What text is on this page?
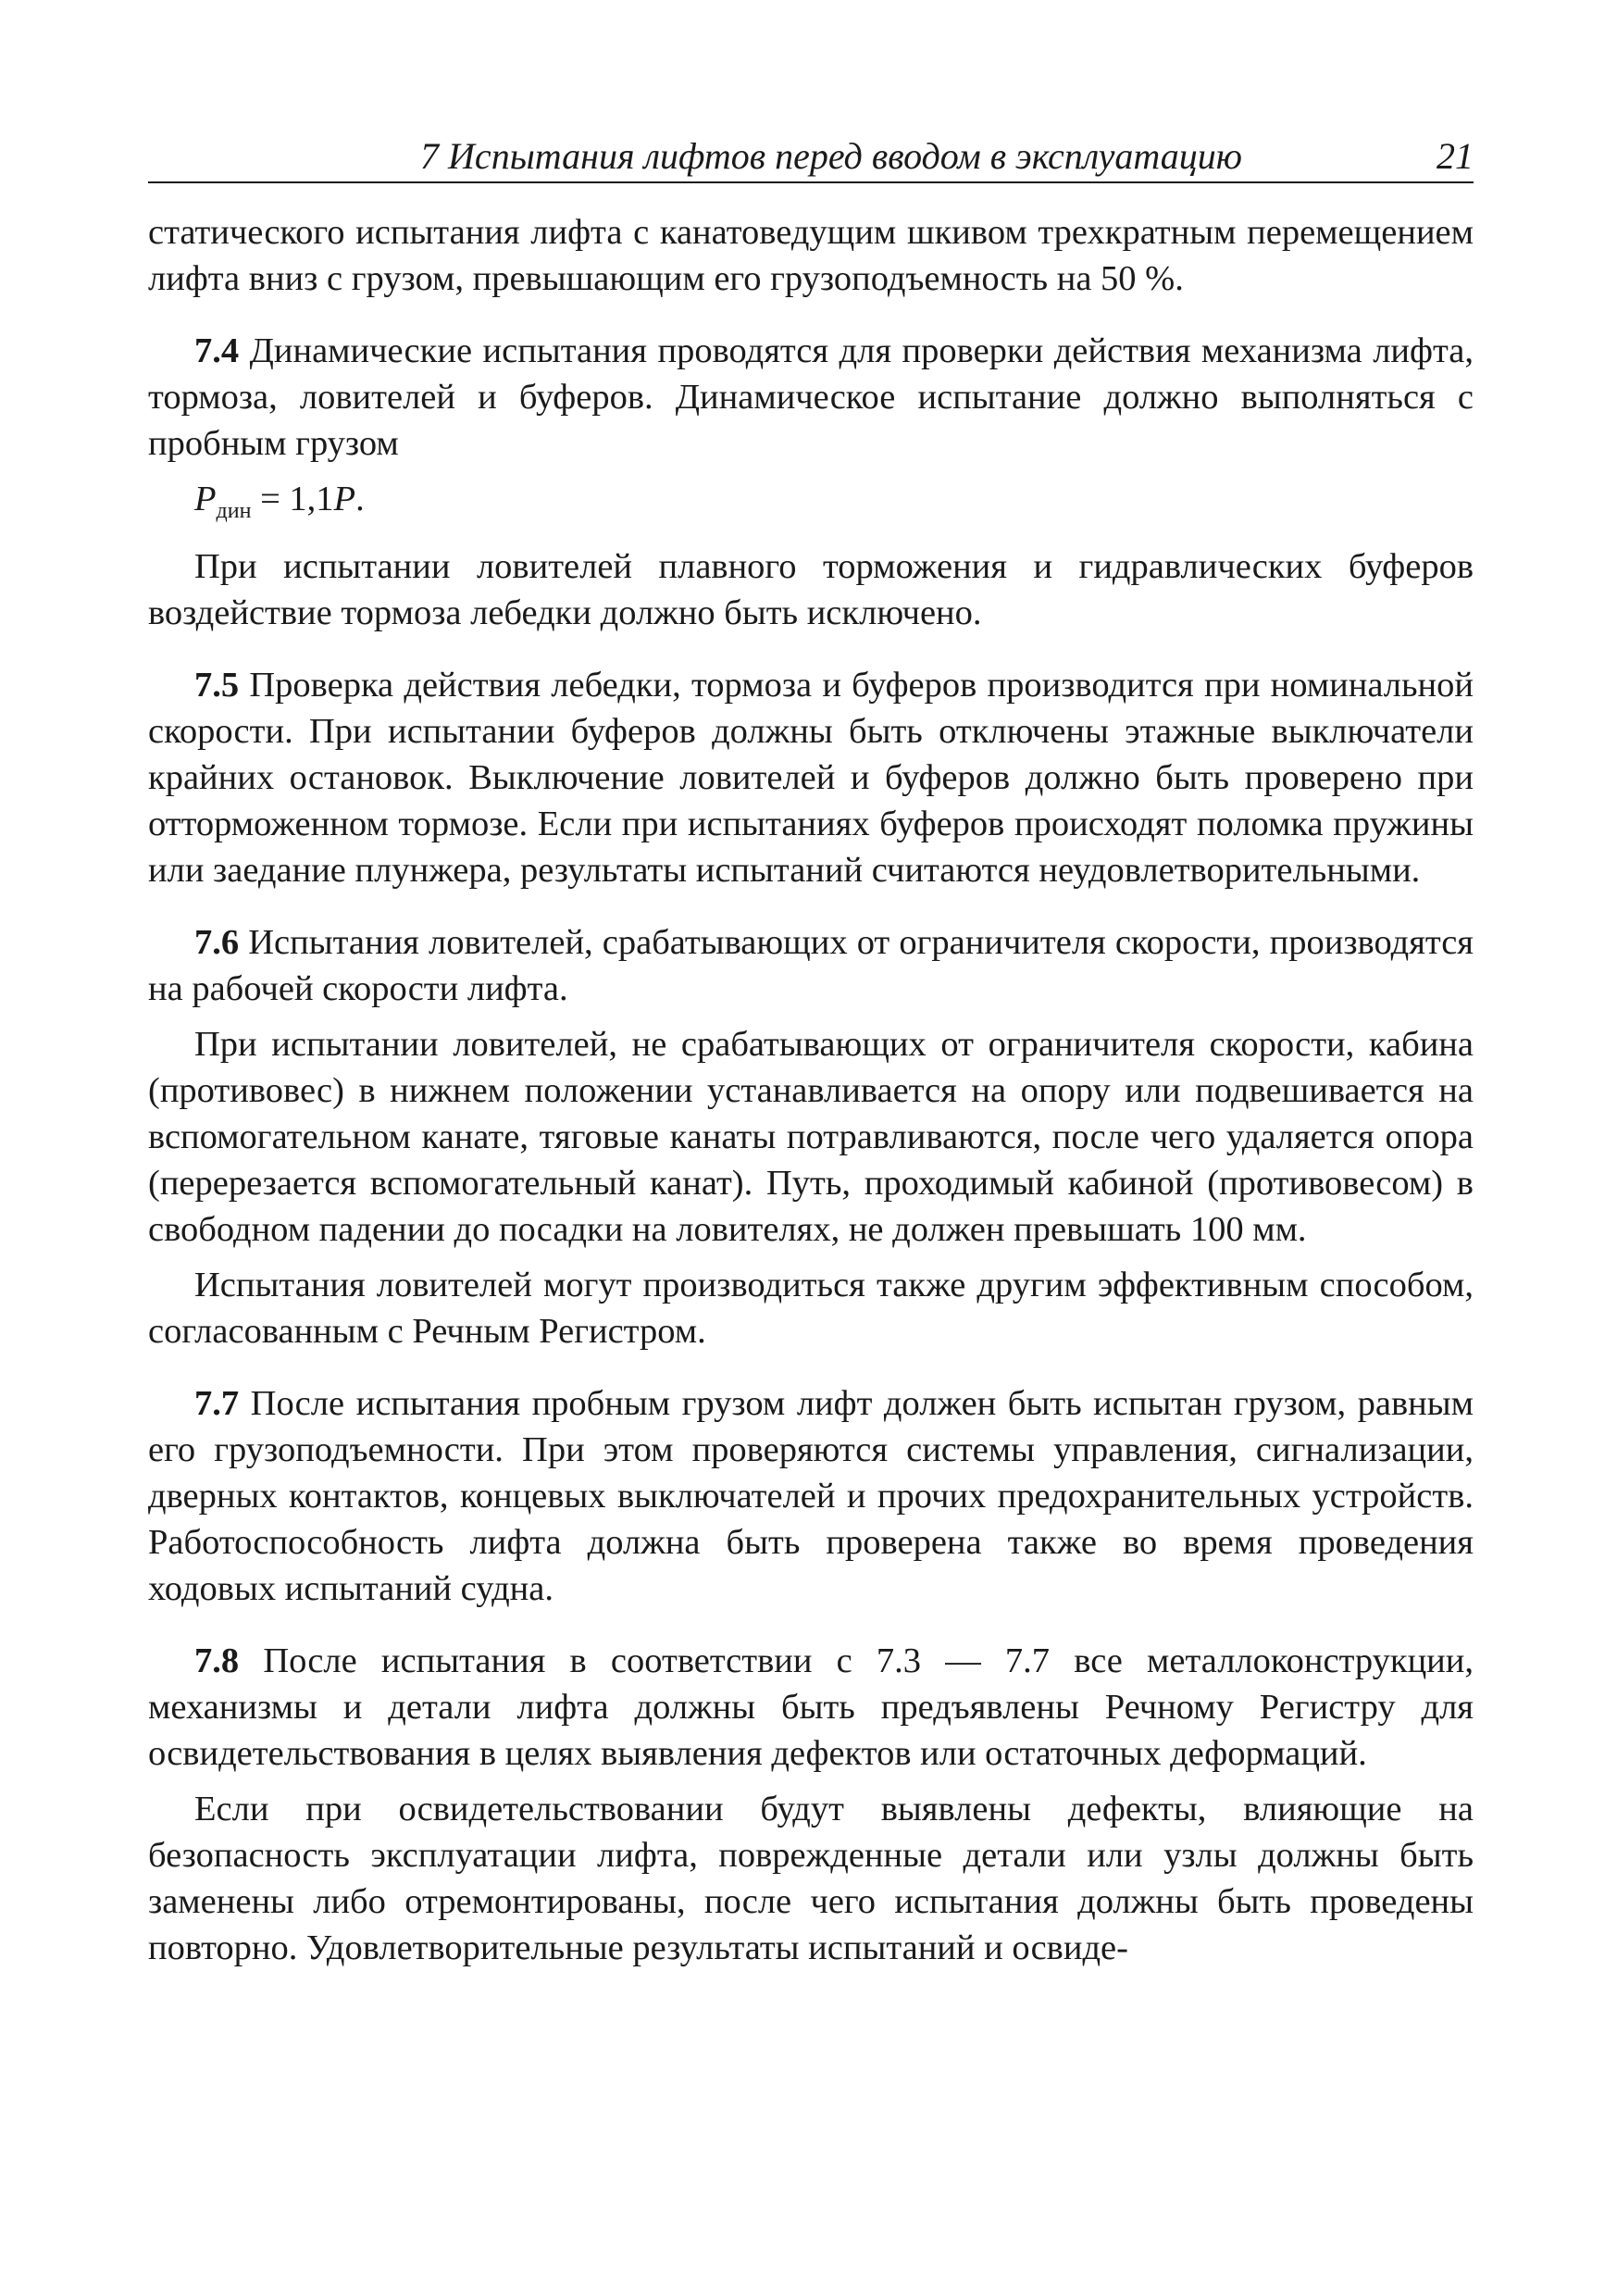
7 Испытания лифтов перед вводом в эксплуатацию	21

статического испытания лифта с канатоведущим шкивом трехкратным перемещением лифта вниз с грузом, превышающим его грузоподъемность на 50 %.

7.4 Динамические испытания проводятся для проверки действия механизма лифта, тормоза, ловителей и буферов. Динамическое испытание должно выполняться с пробным грузом

$P_{дин} = 1,1P$.

При испытании ловителей плавного торможения и гидравлических буферов воздействие тормоза лебедки должно быть исключено.

7.5 Проверка действия лебедки, тормоза и буферов производится при номинальной скорости. При испытании буферов должны быть отключены этажные выключатели крайних остановок. Выключение ловителей и буферов должно быть проверено при отторможенном тормозе. Если при испытаниях буферов происходят поломка пружины или заедание плунжера, результаты испытаний считаются неудовлетворительными.

7.6 Испытания ловителей, срабатывающих от ограничителя скорости, производятся на рабочей скорости лифта.

При испытании ловителей, не срабатывающих от ограничителя скорости, кабина (противовес) в нижнем положении устанавливается на опору или подвешивается на вспомогательном канате, тяговые канаты потравливаются, после чего удаляется опора (перерезается вспомогательный канат). Путь, проходимый кабиной (противовесом) в свободном падении до посадки на ловителях, не должен превышать 100 мм.

Испытания ловителей могут производиться также другим эффективным способом, согласованным с Речным Регистром.

7.7 После испытания пробным грузом лифт должен быть испытан грузом, равным его грузоподъемности. При этом проверяются системы управления, сигнализации, дверных контактов, концевых выключателей и прочих предохранительных устройств. Работоспособность лифта должна быть проверена также во время проведения ходовых испытаний судна.

7.8 После испытания в соответствии с 7.3 — 7.7 все металлоконструкции, механизмы и детали лифта должны быть предъявлены Речному Регистру для освидетельствования в целях выявления дефектов или остаточных деформаций.

Если при освидетельствовании будут выявлены дефекты, влияющие на безопасность эксплуатации лифта, поврежденные детали или узлы должны быть заменены либо отремонтированы, после чего испытания должны быть проведены повторно. Удовлетворительные результаты испытаний и освиде-
